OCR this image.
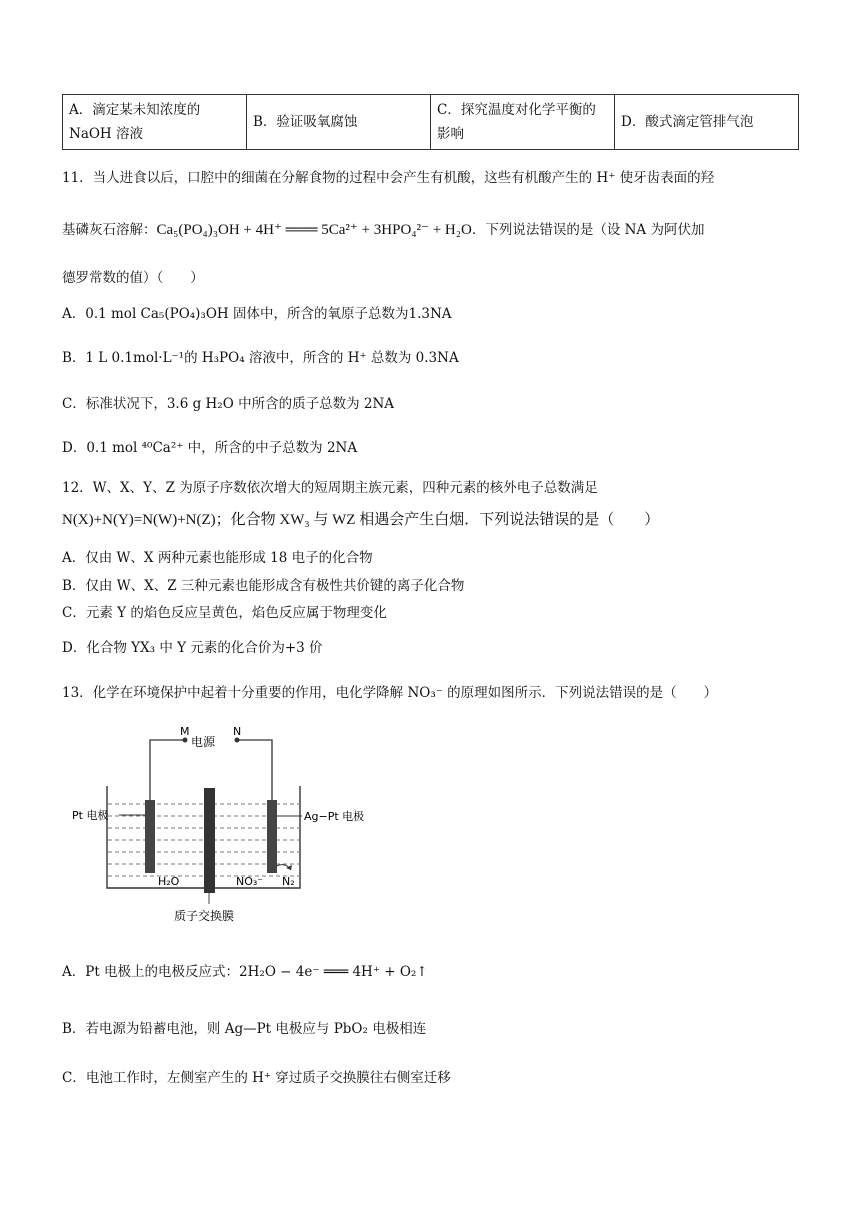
A．滴定某未知浓度的NaOH 溶液	B．验证吸氧腐蚀	C．探究温度对化学平衡的影响	D．酸式滴定管排气泡
11．当人进食以后，口腔中的细菌在分解食物的过程中会产生有机酸，这些有机酸产生的 H⁺ 使牙齿表面的羟
基磷灰石溶解：Ca₅(PO₄)₃OH + 4H⁺ ═══ 5Ca²⁺ + 3HPO₄²⁻ + H₂O．下列说法错误的是（设 NA 为阿伏加
德罗常数的值）（　　）
A．0.1 mol Ca₅(PO₄)₃OH 固体中，所含的氧原子总数为1.3NA
B．1 L 0.1mol·L⁻¹的 H₃PO₄ 溶液中，所含的 H⁺ 总数为 0.3NA
C．标准状况下，3.6 g H₂O 中所含的质子总数为 2NA
D．0.1 mol ⁴⁰Ca²⁺ 中，所含的中子总数为 2NA
12．W、X、Y、Z 为原子序数依次增大的短周期主族元素，四种元素的核外电子总数满足
N(X)+N(Y)=N(W)+N(Z)；化合物 XW₃ 与 WZ 相遇会产生白烟．下列说法错误的是（　　）
A．仅由 W、X 两种元素也能形成 18 电子的化合物
B．仅由 W、X、Z 三种元素也能形成含有极性共价键的离子化合物
C．元素 Y 的焰色反应呈黄色，焰色反应属于物理变化
D．化合物 YX₃ 中 Y 元素的化合价为+3 价
13．化学在环境保护中起着十分重要的作用，电化学降解 NO₃⁻ 的原理如图所示．下列说法错误的是（　　）
M	N
电源
Pt 电极	Ag−Pt 电极
H₂O	NO₃⁻ N₂
质子交换膜
A．Pt 电极上的电极反应式：2H₂O − 4e⁻ ═══ 4H⁺ + O₂↑
B．若电源为铅蓄电池，则 Ag—Pt 电极应与 PbO₂ 电极相连
C．电池工作时，左侧室产生的 H⁺ 穿过质子交换膜往右侧室迁移
